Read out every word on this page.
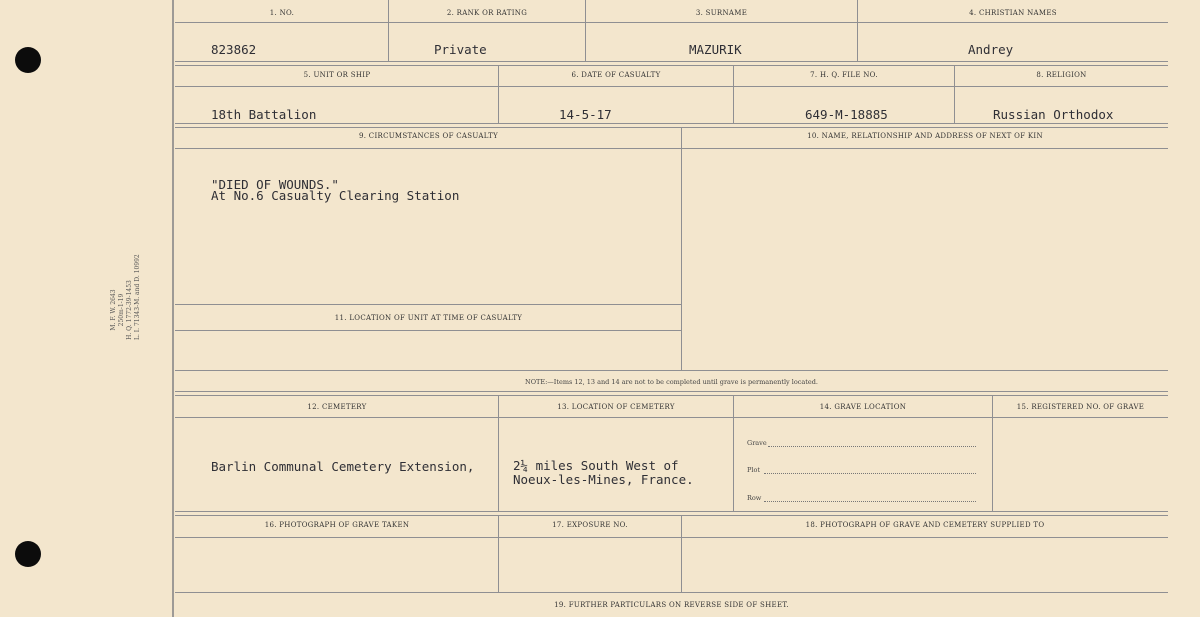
M. F. W. 2643 250m-1-19 H. Q. 1772-39-1453 L. I. 71343-M. and D. 10992
1. NO.	2. RANK OR RATING	3. SURNAME	4. CHRISTIAN NAMES
823862	Private	MAZURIK	Andrey
5. UNIT OR SHIP	6. DATE OF CASUALTY	7. H. Q. FILE NO.	8. RELIGION
18th Battalion	14-5-17	649-M-18885	Russian Orthodox
9. CIRCUMSTANCES OF CASUALTY	10. NAME, RELATIONSHIP AND ADDRESS OF NEXT OF KIN
"DIED OF WOUNDS."
At No.6 Casualty Clearing Station
11. LOCATION OF UNIT AT TIME OF CASUALTY
NOTE:—Items 12, 13 and 14 are not to be completed until grave is permanently located.
12. CEMETERY	13. LOCATION OF CEMETERY	14. GRAVE LOCATION	15. REGISTERED NO. OF GRAVE
Barlin Communal Cemetery Extension,	2¼ miles South West of
Noeux-les-Mines, France.
Grave
Plot
Row
16. PHOTOGRAPH OF GRAVE TAKEN	17. EXPOSURE NO.	18. PHOTOGRAPH OF GRAVE AND CEMETERY SUPPLIED TO
19. FURTHER PARTICULARS ON REVERSE SIDE OF SHEET.
